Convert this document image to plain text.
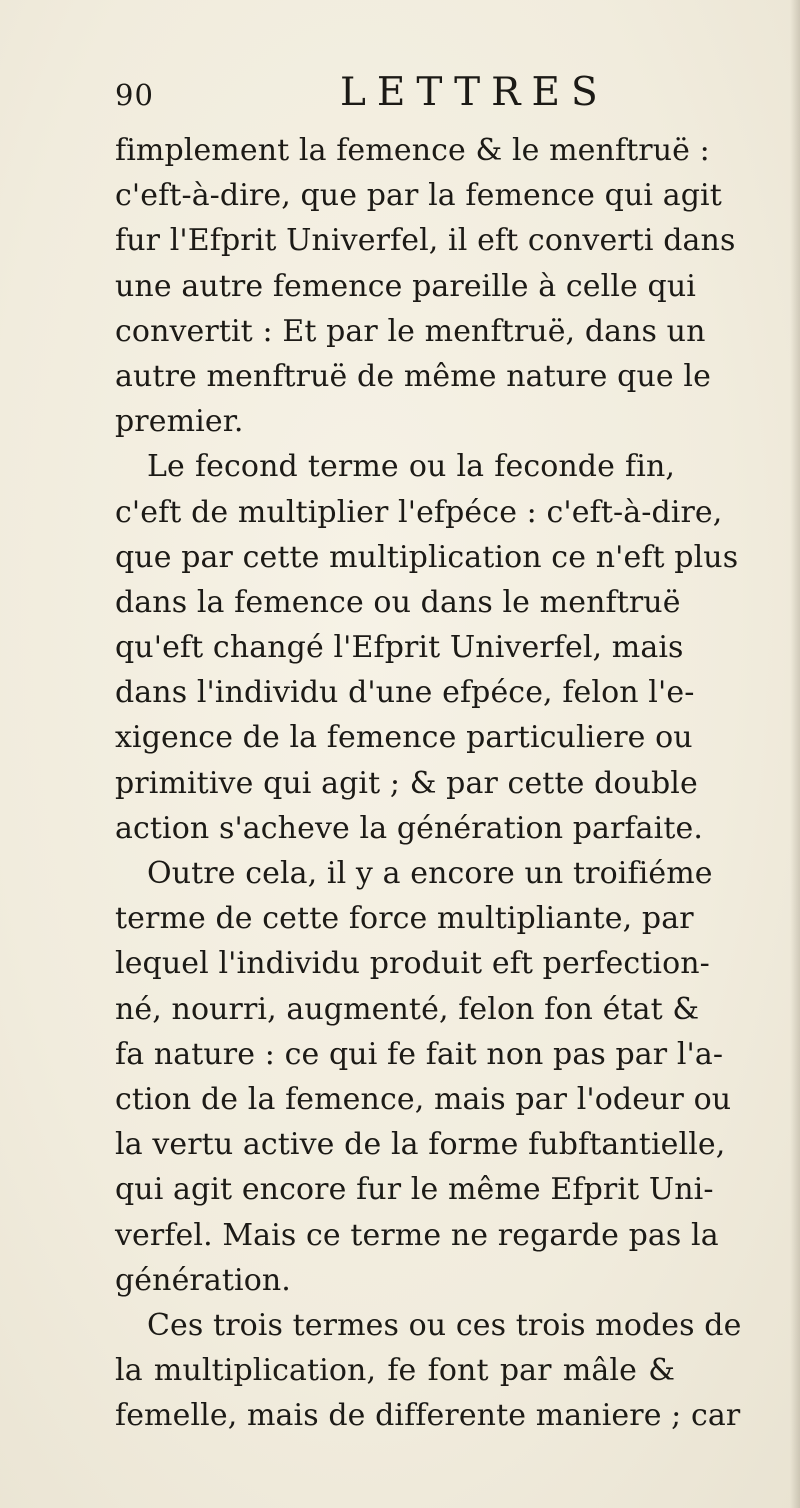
90	LETTRES
fimplement la femence & le menftruë :
c'eft-à-dire, que par la femence qui agit
fur l'Efprit Univerfel, il eft converti dans
une autre femence pareille à celle qui
convertit : Et par le menftruë, dans un
autre menftruë de même nature que le
premier.
Le fecond terme ou la feconde fin,
c'eft de multiplier l'efpéce : c'eft-à-dire,
que par cette multiplication ce n'eft plus
dans la femence ou dans le menftruë
qu'eft changé l'Efprit Univerfel, mais
dans l'individu d'une efpéce, felon l'e-
xigence de la femence particuliere ou
primitive qui agit ; & par cette double
action s'acheve la génération parfaite.
Outre cela, il y a encore un troifiéme
terme de cette force multipliante, par
lequel l'individu produit eft perfection-
né, nourri, augmenté, felon fon état &
fa nature : ce qui fe fait non pas par l'a-
ction de la femence, mais par l'odeur ou
la vertu active de la forme fubftantielle,
qui agit encore fur le même Efprit Uni-
verfel. Mais ce terme ne regarde pas la
génération.
Ces trois termes ou ces trois modes de
la multiplication, fe font par mâle &
femelle, mais de differente maniere ; car
